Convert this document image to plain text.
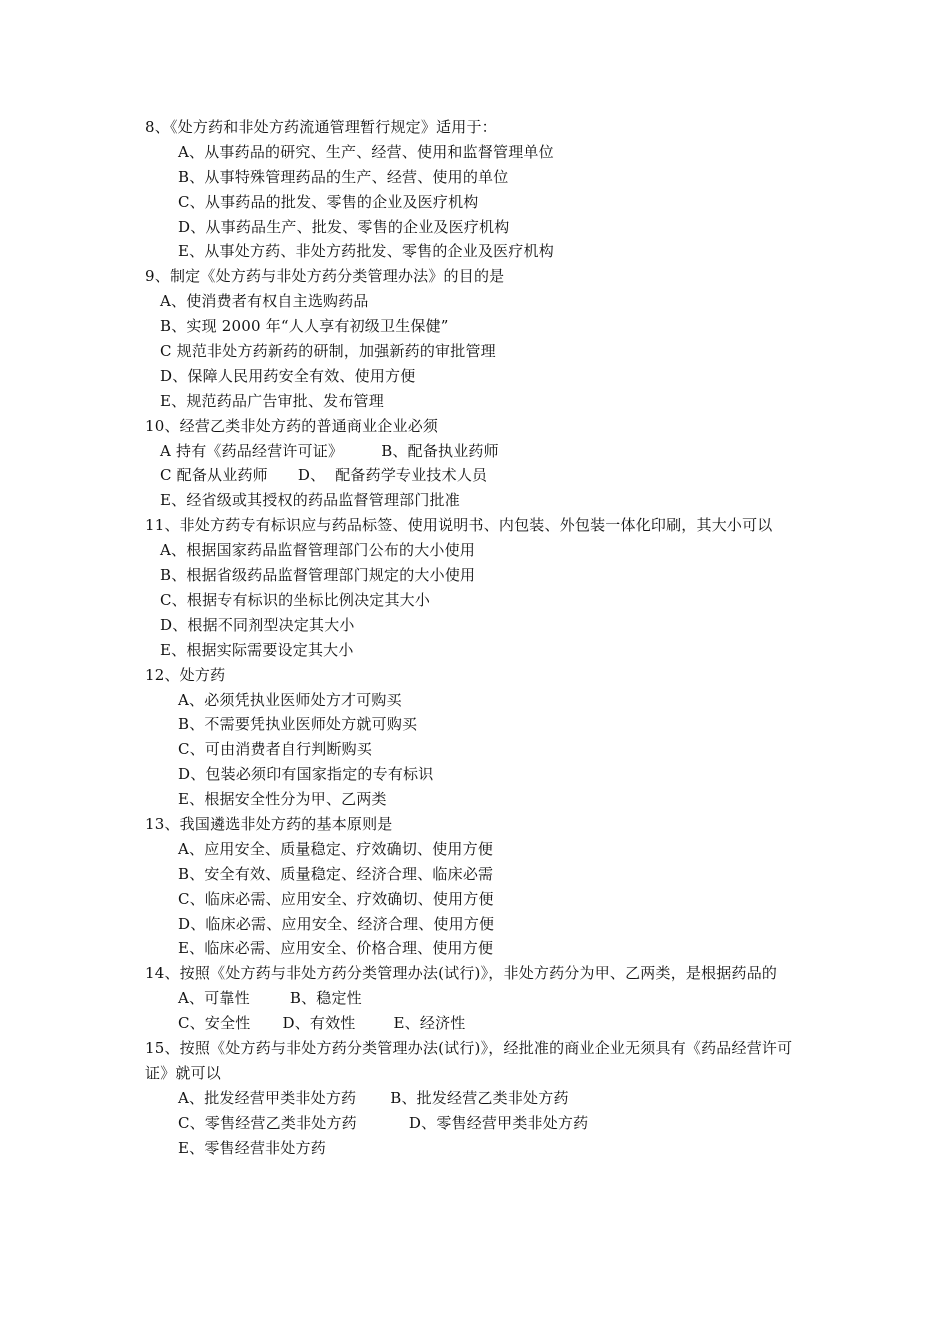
8、《处方药和非处方药流通管理暂行规定》适用于：
A、从事药品的研究、生产、经营、使用和监督管理单位
B、从事特殊管理药品的生产、经营、使用的单位
C、从事药品的批发、零售的企业及医疗机构
D、从事药品生产、批发、零售的企业及医疗机构
E、从事处方药、非处方药批发、零售的企业及医疗机构
9、制定《处方药与非处方药分类管理办法》的目的是
A、使消费者有权自主选购药品
B、实现 2000 年“人人享有初级卫生保健”
C 规范非处方药新药的研制，加强新药的审批管理
D、保障人民用药安全有效、使用方便
E、规范药品广告审批、发布管理
10、经营乙类非处方药的普通商业企业必须
A 持有《药品经营许可证》	B、配备执业药师
C 配备从业药师 D、  配备药学专业技术人员
E、经省级或其授权的药品监督管理部门批准
11、非处方药专有标识应与药品标签、使用说明书、内包装、外包装一体化印刷，其大小可以
A、根据国家药品监督管理部门公布的大小使用
B、根据省级药品监督管理部门规定的大小使用
C、根据专有标识的坐标比例决定其大小
D、根据不同剂型决定其大小
E、根据实际需要设定其大小
12、处方药
A、必须凭执业医师处方才可购买
B、不需要凭执业医师处方就可购买
C、可由消费者自行判断购买
D、包装必须印有国家指定的专有标识
E、根据安全性分为甲、乙两类
13、我国遴选非处方药的基本原则是
A、应用安全、质量稳定、疗效确切、使用方便
B、安全有效、质量稳定、经济合理、临床必需
C、临床必需、应用安全、疗效确切、使用方便
D、临床必需、应用安全、经济合理、使用方便
E、临床必需、应用安全、价格合理、使用方便
14、按照《处方药与非处方药分类管理办法(试行)》，非处方药分为甲、乙两类，是根据药品的
A、可靠性	B、稳定性
C、安全性 D、有效性	E、经济性
15、按照《处方药与非处方药分类管理办法(试行)》，经批准的商业企业无须具有《药品经营许可证》就可以
A、批发经营甲类非处方药 B、批发经营乙类非处方药
C、零售经营乙类非处方药	D、零售经营甲类非处方药
E、零售经营非处方药
